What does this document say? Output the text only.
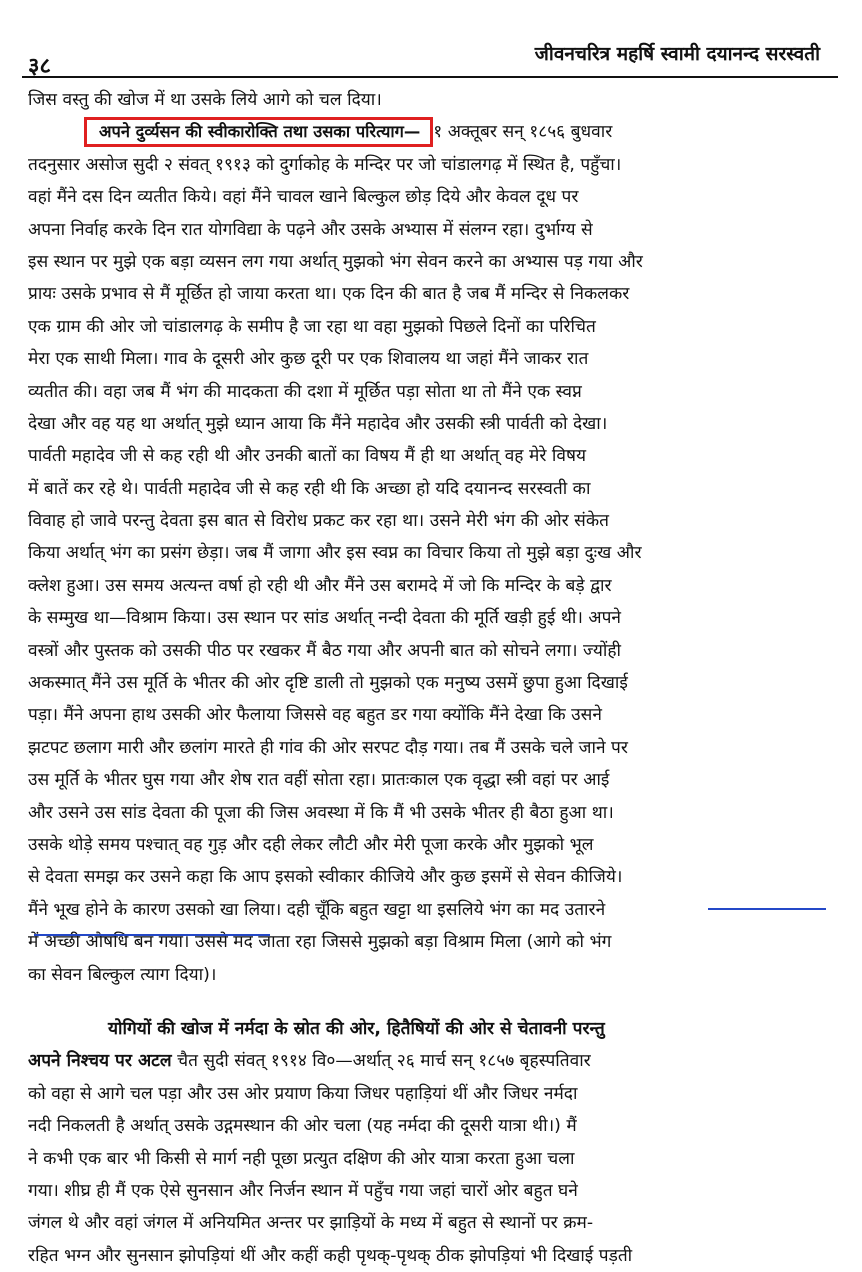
३८	जीवनचरित्र महर्षि स्वामी दयानन्द सरस्वती
जिस वस्तु की खोज में था उसके लिये आगे को चल दिया।
अपने दुर्व्यसन की स्वीकारोक्ति तथा उसका परित्याग— १ अक्तूबर सन् १८५६ बुधवार
तदनुसार असोज सुदी २ संवत् १९१३ को दुर्गाकोह के मन्दिर पर जो चांडालगढ़ में स्थित है, पहुँचा।
वहां मैंने दस दिन व्यतीत किये। वहां मैंने चावल खाने बिल्कुल छोड़ दिये और केवल दूध पर
अपना निर्वाह करके दिन रात योगविद्या के पढ़ने और उसके अभ्यास में संलग्न रहा। दुर्भाग्य से
इस स्थान पर मुझे एक बड़ा व्यसन लग गया अर्थात् मुझको भंग सेवन करने का अभ्यास पड़ गया और
प्रायः उसके प्रभाव से मैं मूर्छित हो जाया करता था। एक दिन की बात है जब मैं मन्दिर से निकलकर
एक ग्राम की ओर जो चांडालगढ़ के समीप है जा रहा था वहा मुझको पिछले दिनों का परिचित
मेरा एक साथी मिला। गाव के दूसरी ओर कुछ दूरी पर एक शिवालय था जहां मैंने जाकर रात
व्यतीत की। वहा जब मैं भंग की मादकता की दशा में मूर्छित पड़ा सोता था तो मैंने एक स्वप्न
देखा और वह यह था अर्थात् मुझे ध्यान आया कि मैंने महादेव और उसकी स्त्री पार्वती को देखा।
पार्वती महादेव जी से कह रही थी और उनकी बातों का विषय मैं ही था अर्थात् वह मेरे विषय
में बातें कर रहे थे। पार्वती महादेव जी से कह रही थी कि अच्छा हो यदि दयानन्द सरस्वती का
विवाह हो जावे परन्तु देवता इस बात से विरोध प्रकट कर रहा था। उसने मेरी भंग की ओर संकेत
किया अर्थात् भंग का प्रसंग छेड़ा। जब मैं जागा और इस स्वप्न का विचार किया तो मुझे बड़ा दुःख और
क्लेश हुआ। उस समय अत्यन्त वर्षा हो रही थी और मैंने उस बरामदे में जो कि मन्दिर के बड़े द्वार
के सम्मुख था—विश्राम किया। उस स्थान पर सांड अर्थात् नन्दी देवता की मूर्ति खड़ी हुई थी। अपने
वस्त्रों और पुस्तक को उसकी पीठ पर रखकर मैं बैठ गया और अपनी बात को सोचने लगा। ज्योंही
अकस्मात् मैंने उस मूर्ति के भीतर की ओर दृष्टि डाली तो मुझको एक मनुष्य उसमें छुपा हुआ दिखाई
पड़ा। मैंने अपना हाथ उसकी ओर फैलाया जिससे वह बहुत डर गया क्योंकि मैंने देखा कि उसने
झटपट छलाग मारी और छलांग मारते ही गांव की ओर सरपट दौड़ गया। तब मैं उसके चले जाने पर
उस मूर्ति के भीतर घुस गया और शेष रात वहीं सोता रहा। प्रातःकाल एक वृद्धा स्त्री वहां पर आई
और उसने उस सांड देवता की पूजा की जिस अवस्था में कि मैं भी उसके भीतर ही बैठा हुआ था।
उसके थोड़े समय पश्चात् वह गुड़ और दही लेकर लौटी और मेरी पूजा करके और मुझको भूल
से देवता समझ कर उसने कहा कि आप इसको स्वीकार कीजिये और कुछ इसमें से सेवन कीजिये।
मैंने भूख होने के कारण उसको खा लिया। दही चूँकि बहुत खट्टा था इसलिये भंग का मद उतारने
में अच्छी औषधि बन गया। उससे मद जाता रहा जिससे मुझको बड़ा विश्राम मिला (आगे को भंग
का सेवन बिल्कुल त्याग दिया)।
योगियों की खोज में नर्मदा के स्रोत की ओर, हितैषियों की ओर से चेतावनी परन्तु
अपने निश्चय पर अटल चैत सुदी संवत् १९१४ वि०—अर्थात् २६ मार्च सन् १८५७ बृहस्पतिवार
को वहा से आगे चल पड़ा और उस ओर प्रयाण किया जिधर पहाड़ियां थीं और जिधर नर्मदा
नदी निकलती है अर्थात् उसके उद्गमस्थान की ओर चला (यह नर्मदा की दूसरी यात्रा थी।) मैं
ने कभी एक बार भी किसी से मार्ग नही पूछा प्रत्युत दक्षिण की ओर यात्रा करता हुआ चला
गया। शीघ्र ही मैं एक ऐसे सुनसान और निर्जन स्थान में पहुँच गया जहां चारों ओर बहुत घने
जंगल थे और वहां जंगल में अनियमित अन्तर पर झाड़ियों के मध्य में बहुत से स्थानों पर क्रम-
रहित भग्न और सुनसान झोपड़ियां थीं और कहीं कही पृथक्-पृथक् ठीक झोपड़ियां भी दिखाई पड़ती
